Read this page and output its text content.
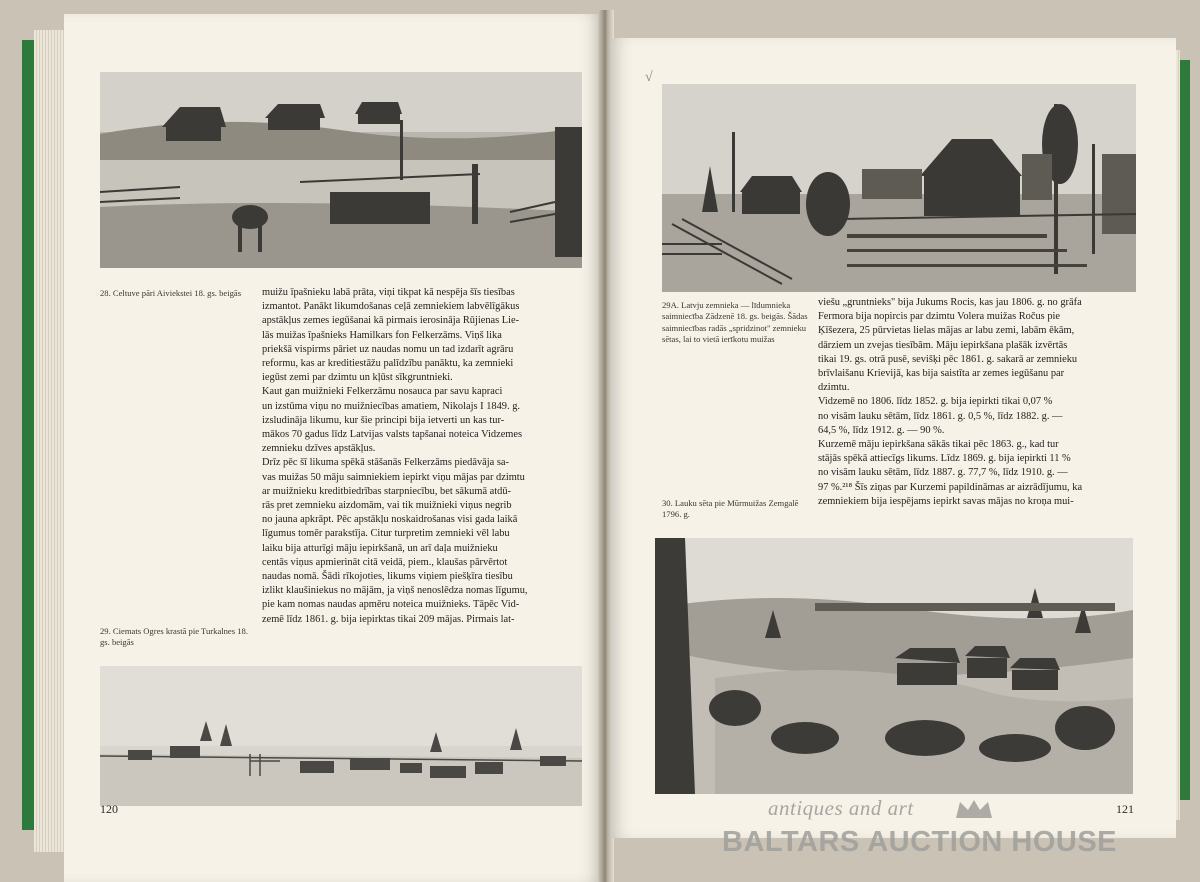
28. Celtuve pāri Aiviekstei 18. gs. beigās
29. Ciemats Ogres krastā pie Turkalnes 18. gs. beigās
muižu īpašnieku labā prāta, viņi tikpat kā nespēja šīs tiesības
izmantot. Panākt likumdošanas ceļā zemniekiem labvēlīgākus
apstākļus zemes iegūšanai kā pirmais ierosināja Rūjienas Lie-
lās muižas īpašnieks Hamilkars fon Felkerzāms. Viņš lika
priekšā vispirms pāriet uz naudas nomu un tad izdarīt agrāru
reformu, kas ar kreditiestāžu palīdzību panāktu, ka zemnieki
iegūst zemi par dzimtu un kļūst sīkgruntnieki.
Kaut gan muižnieki Felkerzāmu nosauca par savu kapraci
un izstūma viņu no muižniecības amatiem, Nikolajs I 1849. g.
izsludināja likumu, kur šie principi bija ietverti un kas tur-
mākos 70 gadus līdz Latvijas valsts tapšanai noteica Vidzemes
zemnieku dzīves apstākļus.
Drīz pēc šī likuma spēkā stāšanās Felkerzāms piedāvāja sa-
vas muižas 50 māju saimniekiem iepirkt viņu mājas par dzimtu
ar muižnieku kreditbiedrības starpniecību, bet sākumā atdū-
rās pret zemnieku aizdomām, vai tik muižnieki viņus negrib
no jauna apkrāpt. Pēc apstākļu noskaidrošanas visi gada laikā
līgumus tomēr parakstīja. Citur turpretim zemnieki vēl labu
laiku bija atturīgi māju iepirkšanā, un arī daļa muižnieku
centās viņus apmierināt citā veidā, piem., klaušas pārvērtot
naudas nomā. Šādi rīkojoties, likums viņiem piešķīra tiesību
izlikt klaušiniekus no mājām, ja viņš nenoslēdza nomas līgumu,
pie kam nomas naudas apmēru noteica muižnieks. Tāpēc Vid-
zemē līdz 1861. g. bija iepirktas tikai 209 mājas. Pirmais lat-
120
√
29A. Latvju zemnieka — līdumnieka saimniecība Zādzenē 18. gs. beigās. Šādas saimniecības radās „spridzinot" zemnieku sētas, lai to vietā ierīkotu muižas
30. Lauku sēta pie Mūrmuižas Zemgalē 1796. g.
viešu „gruntnieks" bija Jukums Rocis, kas jau 1806. g. no grāfa
Fermora bija nopircis par dzimtu Volera muižas Ročus pie
Ķīšezera, 25 pūrvietas lielas mājas ar labu zemi, labām ēkām,
dārziem un zvejas tiesībām. Māju iepirkšana plašāk izvērtās
tikai 19. gs. otrā pusē, sevišķi pēc 1861. g. sakarā ar zemnieku
brīvlaišanu Krievijā, kas bija saistīta ar zemes iegūšanu par
dzimtu.
Vidzemē no 1806. līdz 1852. g. bija iepirkti tikai 0,07 %
no visām lauku sētām, līdz 1861. g. 0,5 %, līdz 1882. g. —
64,5 %, līdz 1912. g. — 90 %.
Kurzemē māju iepirkšana sākās tikai pēc 1863. g., kad tur
stājās spēkā attiecīgs likums. Līdz 1869. g. bija iepirkti 11 %
no visām lauku sētām, līdz 1887. g. 77,7 %, līdz 1910. g. —
97 %.²¹⁸ Šīs ziņas par Kurzemi papildināmas ar aizrādījumu, ka
zemniekiem bija iespējams iepirkt savas mājas no kroņa mui-
121
antiques and art
BALTARS AUCTION HOUSE
